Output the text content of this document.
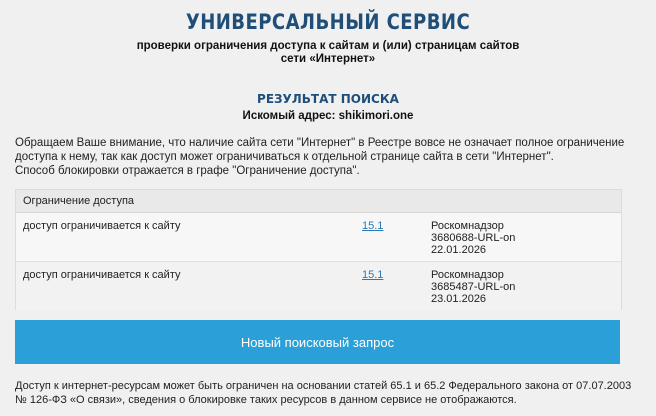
УНИВЕРСАЛЬНЫЙ СЕРВИС
проверки ограничения доступа к сайтам и (или) страницам сайтов
сети «Интернет»
РЕЗУЛЬТАТ ПОИСКА
Искомый адрес: shikimori.one
Обращаем Ваше внимание, что наличие сайта сети "Интернет" в Реестре вовсе не означает полное ограничение
доступа к нему, так как доступ может ограничиваться к отдельной странице сайта в сети "Интернет".
Способ блокировки отражается в графе "Ограничение доступа".
Ограничение доступа
доступ ограничивается к сайту	15.1	Роскомнадзор
3680688-URL-on
22.01.2026
доступ ограничивается к сайту	15.1	Роскомнадзор
3685487-URL-on
23.01.2026
Новый поисковый запрос
Доступ к интернет-ресурсам может быть ограничен на основании статей 65.1 и 65.2 Федерального закона от 07.07.2003
№ 126-ФЗ «О связи», сведения о блокировке таких ресурсов в данном сервисе не отображаются.
